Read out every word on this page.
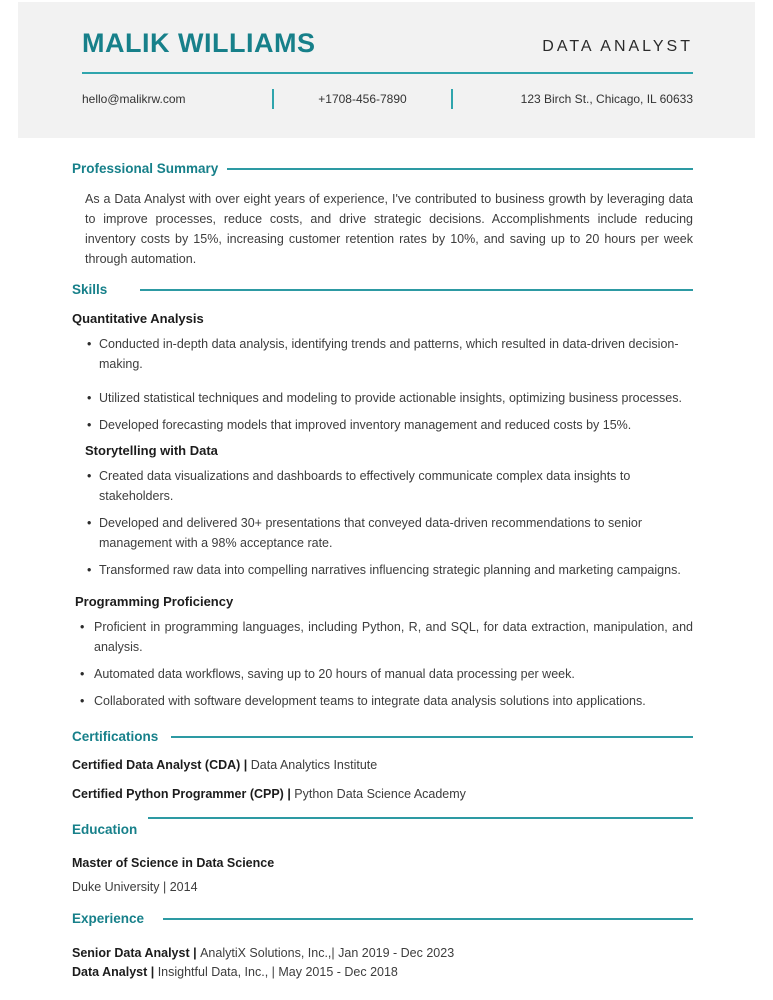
MALIK WILLIAMS	DATA ANALYST
hello@malikrw.com	+1708-456-7890	123 Birch St., Chicago, IL 60633
Professional Summary

As a Data Analyst with over eight years of experience, I've contributed to business growth by leveraging data to improve processes, reduce costs, and drive strategic decisions. Accomplishments include reducing inventory costs by 15%, increasing customer retention rates by 10%, and saving up to 20 hours per week through automation.

Skills
Quantitative Analysis
• Conducted in-depth data analysis, identifying trends and patterns, which resulted in data-driven decision-making.
• Utilized statistical techniques and modeling to provide actionable insights, optimizing business processes.
• Developed forecasting models that improved inventory management and reduced costs by 15%.
Storytelling with Data
• Created data visualizations and dashboards to effectively communicate complex data insights to stakeholders.
• Developed and delivered 30+ presentations that conveyed data-driven recommendations to senior management with a 98% acceptance rate.
• Transformed raw data into compelling narratives influencing strategic planning and marketing campaigns.
Programming Proficiency
• Proficient in programming languages, including Python, R, and SQL, for data extraction, manipulation, and analysis.
• Automated data workflows, saving up to 20 hours of manual data processing per week.
• Collaborated with software development teams to integrate data analysis solutions into applications.
Certifications
Certified Data Analyst (CDA) | Data Analytics Institute
Certified Python Programmer (CPP) | Python Data Science Academy
Education
Master of Science in Data Science
Duke University | 2014
Experience
Senior Data Analyst | AnalytiX Solutions, Inc.,| Jan 2019 - Dec 2023
Data Analyst | Insightful Data, Inc., | May 2015 - Dec 2018
